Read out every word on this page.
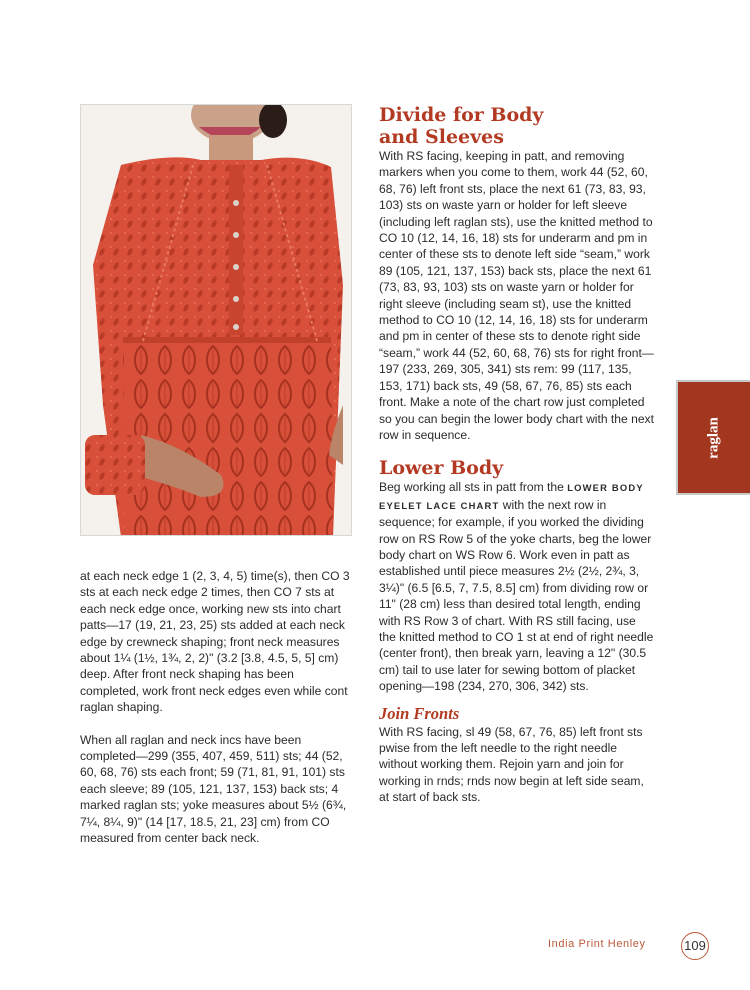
at each neck edge 1 (2, 3, 4, 5) time(s), then CO 3 sts at each neck edge 2 times, then CO 7 sts at each neck edge once, working new sts into chart patts—17 (19, 21, 23, 25) sts added at each neck edge by crewneck shaping; front neck measures about 1¼ (1½, 1¾, 2, 2)" (3.2 [3.8, 4.5, 5, 5] cm) deep. After front neck shaping has been completed, work front neck edges even while cont raglan shaping.

When all raglan and neck incs have been completed—299 (355, 407, 459, 511) sts; 44 (52, 60, 68, 76) sts each front; 59 (71, 81, 91, 101) sts each sleeve; 89 (105, 121, 137, 153) back sts; 4 marked raglan sts; yoke measures about 5½ (6¾, 7¼, 8¼, 9)" (14 [17, 18.5, 21, 23] cm) from CO measured from center back neck.

Divide for Body
and Sleeves

With RS facing, keeping in patt, and removing markers when you come to them, work 44 (52, 60, 68, 76) left front sts, place the next 61 (73, 83, 93, 103) sts on waste yarn or holder for left sleeve (including left raglan sts), use the knitted method to CO 10 (12, 14, 16, 18) sts for underarm and pm in center of these sts to denote left side “seam,” work 89 (105, 121, 137, 153) back sts, place the next 61 (73, 83, 93, 103) sts on waste yarn or holder for right sleeve (including seam st), use the knitted method to CO 10 (12, 14, 16, 18) sts for underarm and pm in center of these sts to denote right side “seam,” work 44 (52, 60, 68, 76) sts for right front—197 (233, 269, 305, 341) sts rem: 99 (117, 135, 153, 171) back sts, 49 (58, 67, 76, 85) sts each front. Make a note of the chart row just completed so you can begin the lower body chart with the next row in sequence.

Lower Body

Beg working all sts in patt from the LOWER BODY EYELET LACE CHART with the next row in sequence; for example, if you worked the dividing row on RS Row 5 of the yoke charts, beg the lower body chart on WS Row 6. Work even in patt as established until piece measures 2½ (2½, 2¾, 3, 3¼)" (6.5 [6.5, 7, 7.5, 8.5] cm) from dividing row or 11" (28 cm) less than desired total length, ending with RS Row 3 of chart. With RS still facing, use the knitted method to CO 1 st at end of right needle (center front), then break yarn, leaving a 12" (30.5 cm) tail to use later for sewing bottom of placket opening—198 (234, 270, 306, 342) sts.

Join Fronts

With RS facing, sl 49 (58, 67, 76, 85) left front sts pwise from the left needle to the right needle without working them. Rejoin yarn and join for working in rnds; rnds now begin at left side seam, at start of back sts.

raglan
India Print Henley	109
